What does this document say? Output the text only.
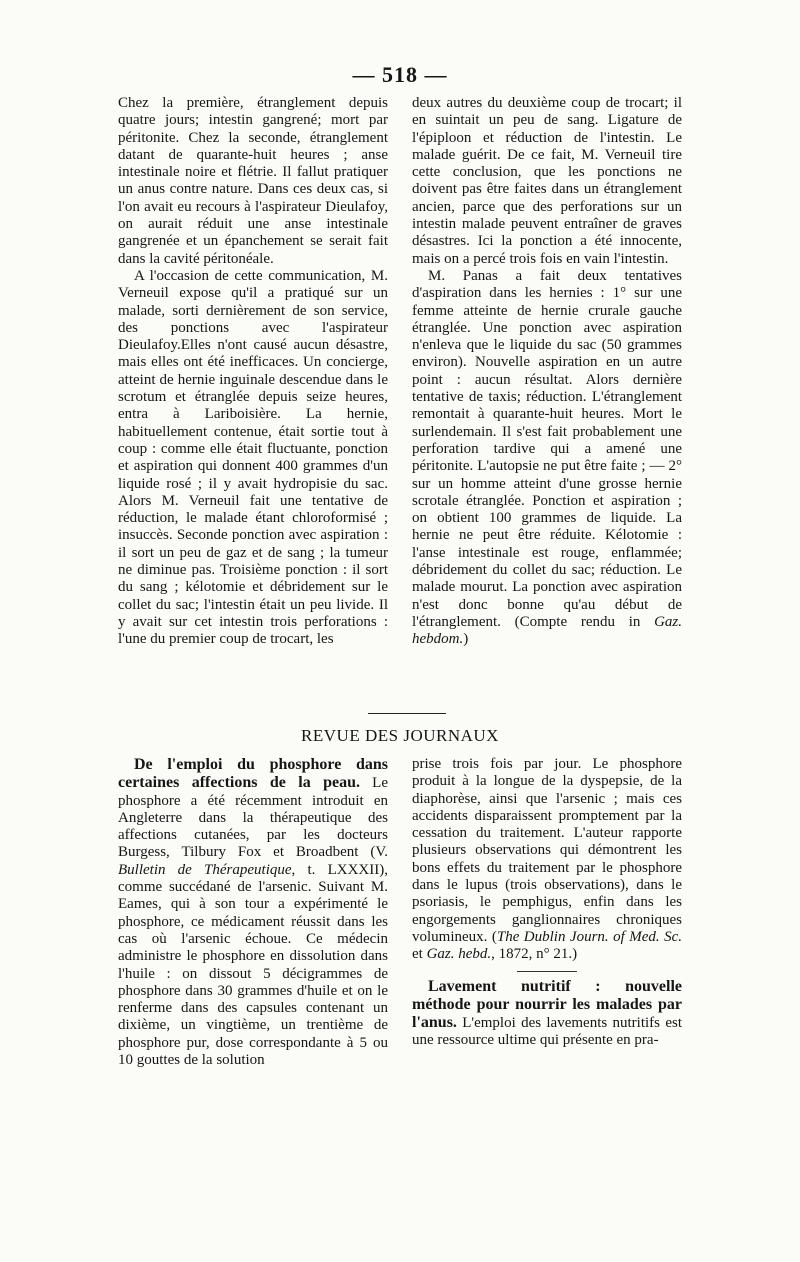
— 518 —

Chez la première, étranglement depuis quatre jours; intestin gangrené; mort par péritonite. Chez la seconde, étranglement datant de quarante-huit heures ; anse intestinale noire et flétrie. Il fallut pratiquer un anus contre nature. Dans ces deux cas, si l'on avait eu recours à l'aspirateur Dieulafoy, on aurait réduit une anse intestinale gangrenée et un épanchement se serait fait dans la cavité péritonéale.

A l'occasion de cette communication, M. Verneuil expose qu'il a pratiqué sur un malade, sorti dernièrement de son service, des ponctions avec l'aspirateur Dieulafoy.Elles n'ont causé aucun désastre, mais elles ont été inefficaces. Un concierge, atteint de hernie inguinale descendue dans le scrotum et étranglée depuis seize heures, entra à Lariboisière. La hernie, habituellement contenue, était sortie tout à coup : comme elle était fluctuante, ponction et aspiration qui donnent 400 grammes d'un liquide rosé ; il y avait hydropisie du sac. Alors M. Verneuil fait une tentative de réduction, le malade étant chloroformisé ; insuccès. Seconde ponction avec aspiration : il sort un peu de gaz et de sang ; la tumeur ne diminue pas. Troisième ponction : il sort du sang ; kélotomie et débridement sur le collet du sac; l'intestin était un peu livide. Il y avait sur cet intestin trois perforations : l'une du premier coup de trocart, les

deux autres du deuxième coup de trocart; il en suintait un peu de sang. Ligature de l'épiploon et réduction de l'intestin. Le malade guérit. De ce fait, M. Verneuil tire cette conclusion, que les ponctions ne doivent pas être faites dans un étranglement ancien, parce que des perforations sur un intestin malade peuvent entraîner de graves désastres. Ici la ponction a été innocente, mais on a percé trois fois en vain l'intestin.

M. Panas a fait deux tentatives d'aspiration dans les hernies : 1° sur une femme atteinte de hernie crurale gauche étranglée. Une ponction avec aspiration n'enleva que le liquide du sac (50 grammes environ). Nouvelle aspiration en un autre point : aucun résultat. Alors dernière tentative de taxis; réduction. L'étranglement remontait à quarante-huit heures. Mort le surlendemain. Il s'est fait probablement une perforation tardive qui a amené une péritonite. L'autopsie ne put être faite ; — 2° sur un homme atteint d'une grosse hernie scrotale étranglée. Ponction et aspiration ; on obtient 100 grammes de liquide. La hernie ne peut être réduite. Kélotomie : l'anse intestinale est rouge, enflammée; débridement du collet du sac; réduction. Le malade mourut. La ponction avec aspiration n'est donc bonne qu'au début de l'étranglement. (Compte rendu in Gaz. hebdom.)

REVUE DES JOURNAUX

De l'emploi du phosphore dans certaines affections de la peau. Le phosphore a été récemment introduit en Angleterre dans la thérapeutique des affections cutanées, par les docteurs Burgess, Tilbury Fox et Broadbent (V. Bulletin de Thérapeutique, t. LXXXII), comme succédané de l'arsenic. Suivant M. Eames, qui à son tour a expérimenté le phosphore, ce médicament réussit dans les cas où l'arsenic échoue. Ce médecin administre le phosphore en dissolution dans l'huile : on dissout 5 décigrammes de phosphore dans 30 grammes d'huile et on le renferme dans des capsules contenant un dixième, un vingtième, un trentième de phosphore pur, dose correspondante à 5 ou 10 gouttes de la solution

prise trois fois par jour. Le phosphore produit à la longue de la dyspepsie, de la diaphorèse, ainsi que l'arsenic ; mais ces accidents disparaissent promptement par la cessation du traitement. L'auteur rapporte plusieurs observations qui démontrent les bons effets du traitement par le phosphore dans le lupus (trois observations), dans le psoriasis, le pemphigus, enfin dans les engorgements ganglionnaires chroniques volumineux. (The Dublin Journ. of Med. Sc. et Gaz. hebd., 1872, n° 21.)

Lavement nutritif : nouvelle méthode pour nourrir les malades par l'anus. L'emploi des lavements nutritifs est une ressource ultime qui présente en pra-
